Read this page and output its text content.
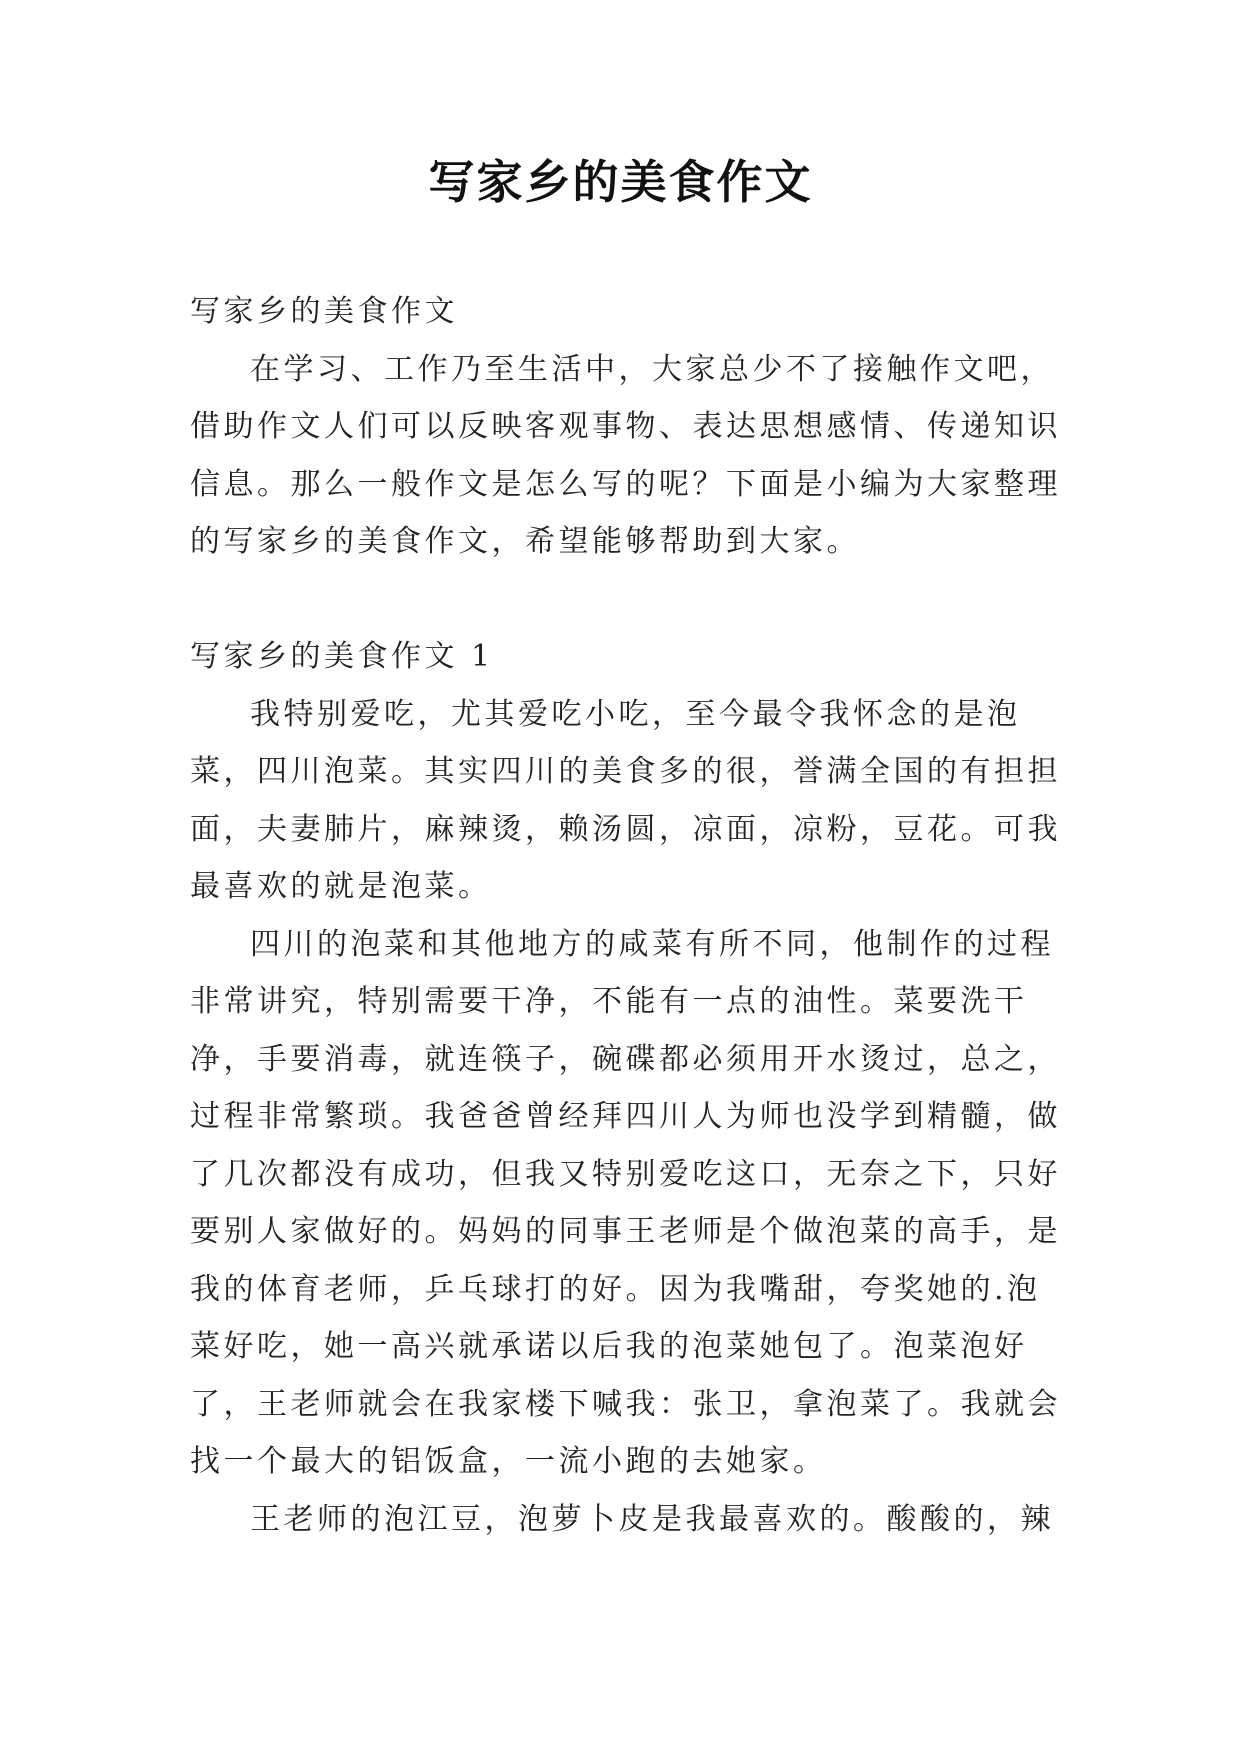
写家乡的美食作文

写家乡的美食作文

在学习、工作乃至生活中，大家总少不了接触作文吧，借助作文人们可以反映客观事物、表达思想感情、传递知识信息。那么一般作文是怎么写的呢？下面是小编为大家整理的写家乡的美食作文，希望能够帮助到大家。

写家乡的美食作文 1

我特别爱吃，尤其爱吃小吃，至今最令我怀念的是泡菜，四川泡菜。其实四川的美食多的很，誉满全国的有担担面，夫妻肺片，麻辣烫，赖汤圆，凉面，凉粉，豆花。可我最喜欢的就是泡菜。

四川的泡菜和其他地方的咸菜有所不同，他制作的过程非常讲究，特别需要干净，不能有一点的油性。菜要洗干净，手要消毒，就连筷子，碗碟都必须用开水烫过，总之，过程非常繁琐。我爸爸曾经拜四川人为师也没学到精髓，做了几次都没有成功，但我又特别爱吃这口，无奈之下，只好要别人家做好的。妈妈的同事王老师是个做泡菜的高手，是我的体育老师，乒乓球打的好。因为我嘴甜，夸奖她的.泡菜好吃，她一高兴就承诺以后我的泡菜她包了。泡菜泡好了，王老师就会在我家楼下喊我：张卫，拿泡菜了。我就会找一个最大的铝饭盒，一流小跑的去她家。

王老师的泡江豆，泡萝卜皮是我最喜欢的。酸酸的，辣
